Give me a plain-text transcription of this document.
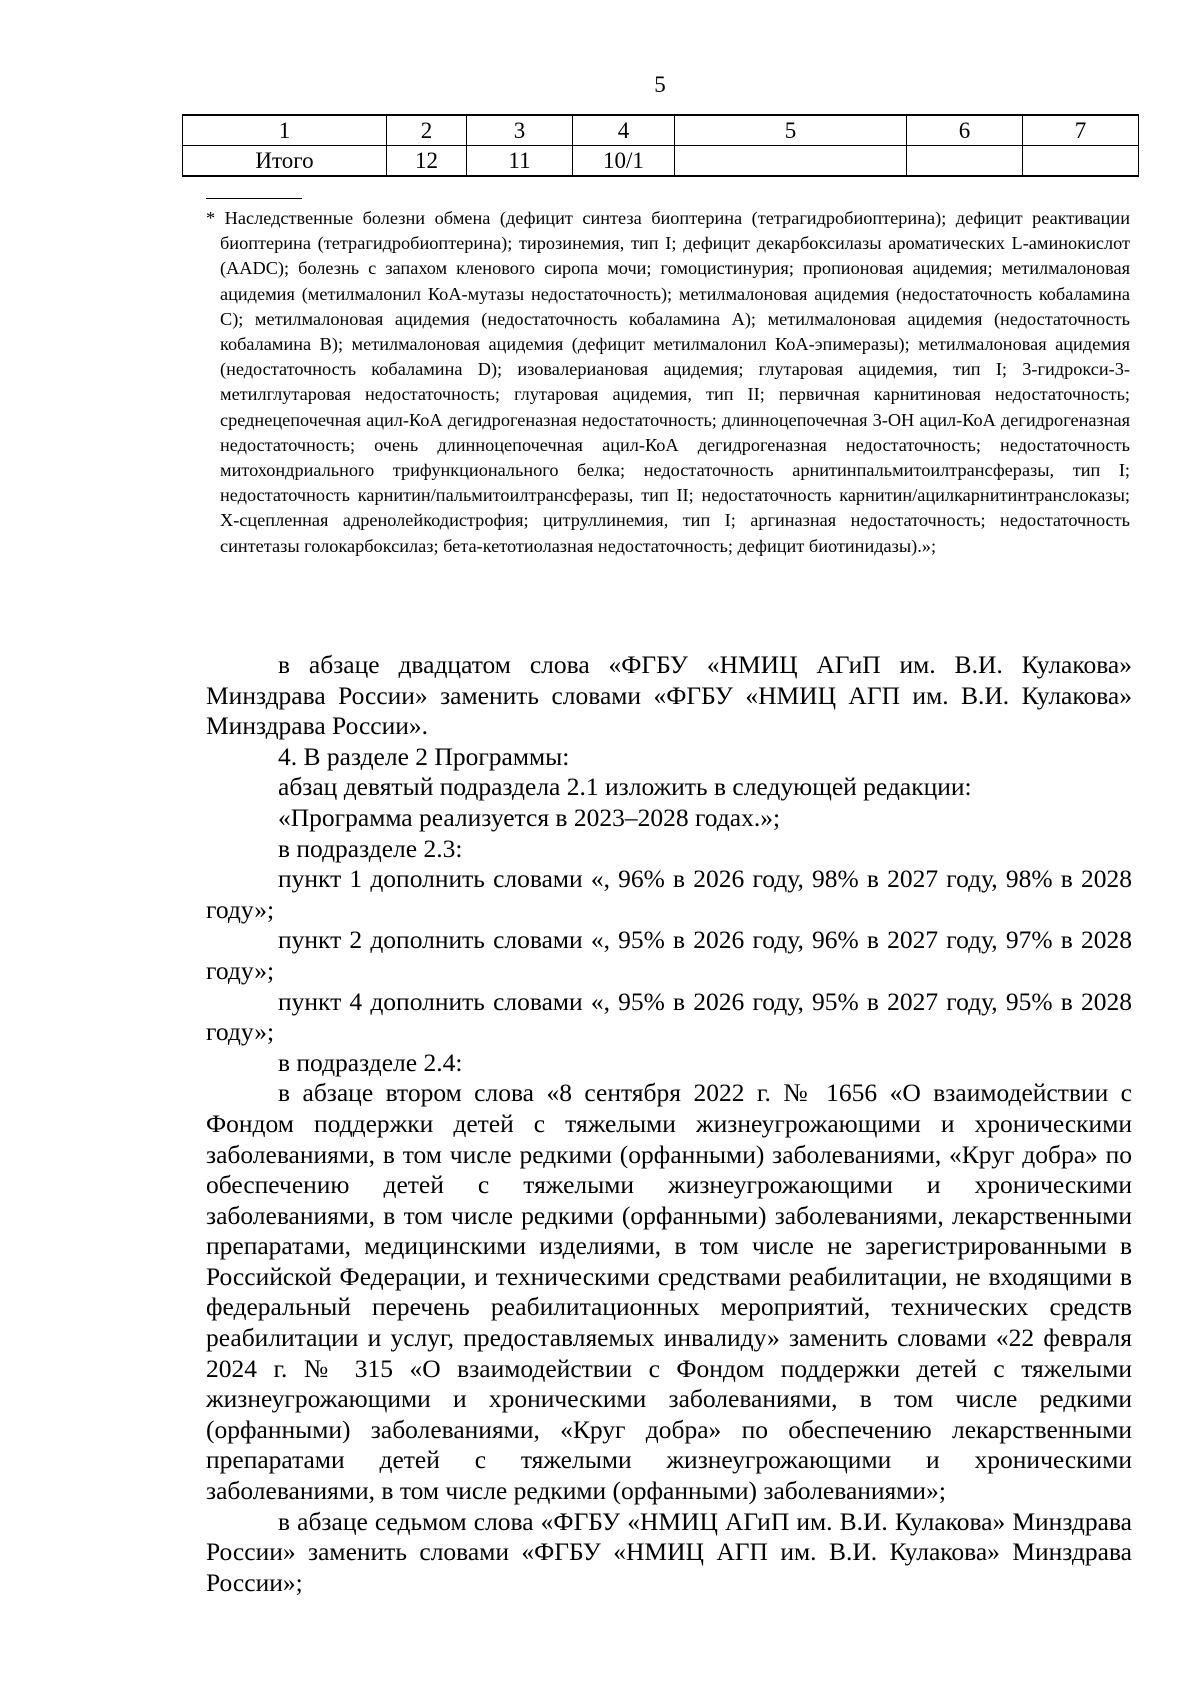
5
1	2	3	4	5	6	7
Итого	12	11	10/1			

* Наследственные болезни обмена (дефицит синтеза биоптерина (тетрагидробиоптерина); дефицит реактивации биоптерина (тетрагидробиоптерина); тирозинемия, тип I; дефицит декарбоксилазы ароматических L-аминокислот (AADC); болезнь с запахом кленового сиропа мочи; гомоцистинурия; пропионовая ацидемия; метилмалоновая ацидемия (метилмалонил КоА-мутазы недостаточность); метилмалоновая ацидемия (недостаточность кобаламина C); метилмалоновая ацидемия (недостаточность кобаламина A); метилмалоновая ацидемия (недостаточность кобаламина B); метилмалоновая ацидемия (дефицит метилмалонил КоА-эпимеразы); метилмалоновая ацидемия (недостаточность кобаламина D); изовалериановая ацидемия; глутаровая ацидемия, тип I; 3-гидрокси-3-метилглутаровая недостаточность; глутаровая ацидемия, тип II; первичная карнитиновая недостаточность; среднецепочечная ацил-КоА дегидрогеназная недостаточность; длинноцепочечная 3-OH ацил-КоА дегидрогеназная недостаточность; очень длинноцепочечная ацил-КоА дегидрогеназная недостаточность; недостаточность митохондриального трифункционального белка; недостаточность арнитинпальмитоилтрансферазы, тип I; недостаточность карнитин/пальмитоилтрансферазы, тип II; недостаточность карнитин/ацилкарнитинтранслоказы; X-сцепленная адренолейкодистрофия; цитруллинемия, тип I; аргиназная недостаточность; недостаточность синтетазы голокарбоксилаз; бета-кетотиолазная недостаточность; дефицит биотинидазы).»;

в абзаце двадцатом слова «ФГБУ «НМИЦ АГиП им. В.И. Кулакова» Минздрава России» заменить словами «ФГБУ «НМИЦ АГП им. В.И. Кулакова» Минздрава России».

4. В разделе 2 Программы:

абзац девятый подраздела 2.1 изложить в следующей редакции:

«Программа реализуется в 2023–2028 годах.»;

в подразделе 2.3:

пункт 1 дополнить словами «, 96% в 2026 году, 98% в 2027 году, 98% в 2028 году»;

пункт 2 дополнить словами «, 95% в 2026 году, 96% в 2027 году, 97% в 2028 году»;

пункт 4 дополнить словами «, 95% в 2026 году, 95% в 2027 году, 95% в 2028 году»;

в подразделе 2.4:

в абзаце втором слова «8 сентября 2022 г. № 1656 «О взаимодействии с Фондом поддержки детей с тяжелыми жизнеугрожающими и хроническими заболеваниями, в том числе редкими (орфанными) заболеваниями, «Круг добра» по обеспечению детей с тяжелыми жизнеугрожающими и хроническими заболеваниями, в том числе редкими (орфанными) заболеваниями, лекарственными препаратами, медицинскими изделиями, в том числе не зарегистрированными в Российской Федерации, и техническими средствами реабилитации, не входящими в федеральный перечень реабилитационных мероприятий, технических средств реабилитации и услуг, предоставляемых инвалиду» заменить словами «22 февраля 2024 г. № 315 «О взаимодействии с Фондом поддержки детей с тяжелыми жизнеугрожающими и хроническими заболеваниями, в том числе редкими (орфанными) заболеваниями, «Круг добра» по обеспечению лекарственными препаратами детей с тяжелыми жизнеугрожающими и хроническими заболеваниями, в том числе редкими (орфанными) заболеваниями»;

в абзаце седьмом слова «ФГБУ «НМИЦ АГиП им. В.И. Кулакова» Минздрава России» заменить словами «ФГБУ «НМИЦ АГП им. В.И. Кулакова» Минздрава России»;
